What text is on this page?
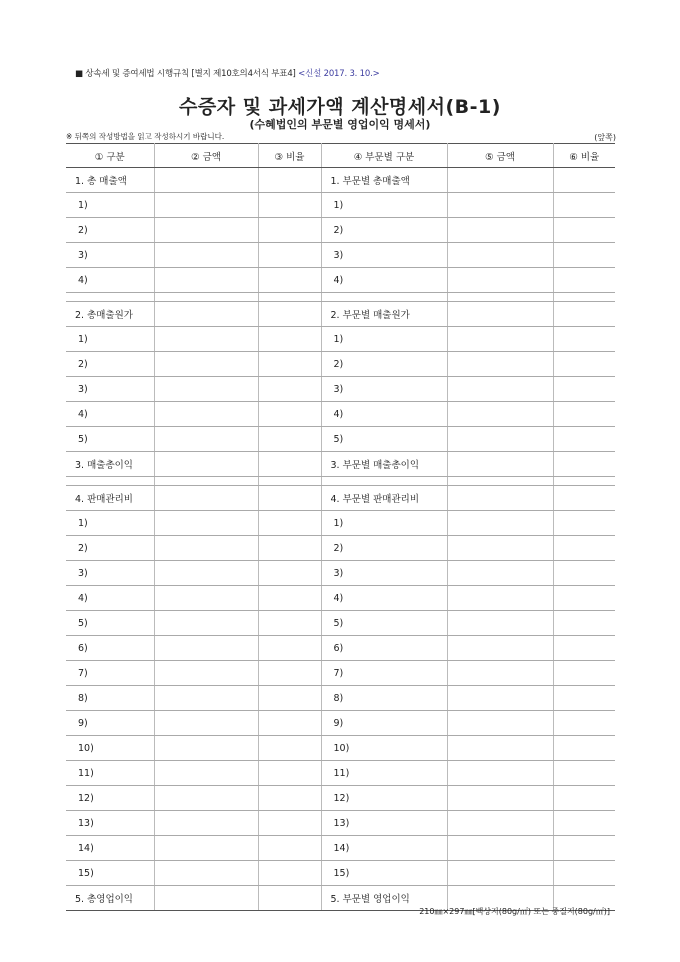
■ 상속세 및 증여세법 시행규칙 [별지 제10호의4서식 부표4] <신설 2017. 3. 10.>
수증자 및 과세가액 계산명세서(B-1)
(수혜법인의 부문별 영업이익 명세서)
※ 뒤쪽의 작성방법을 읽고 작성하시기 바랍니다.	(앞쪽)
① 구분	② 금액	③ 비율	④ 부문별 구분	⑤ 금액	⑥ 비율
1. 총 매출액			1. 부문별 총매출액		
1)			1)		
2)			2)		
3)			3)		
4)			4)		

2. 총매출원가			2. 부문별 매출원가		
1)			1)		
2)			2)		
3)			3)		
4)			4)		
5)			5)		
3. 매출총이익			3. 부문별 매출총이익		

4. 판매관리비			4. 부문별 판매관리비		
1)			1)		
2)			2)		
3)			3)		
4)			4)		
5)			5)		
6)			6)		
7)			7)		
8)			8)		
9)			9)		
10)			10)		
11)			11)		
12)			12)		
13)			13)		
14)			14)		
15)			15)		
5. 총영업이익			5. 부문별 영업이익		
210㎜×297㎜[백상지(80g/㎡) 또는 중질지(80g/㎡)]
